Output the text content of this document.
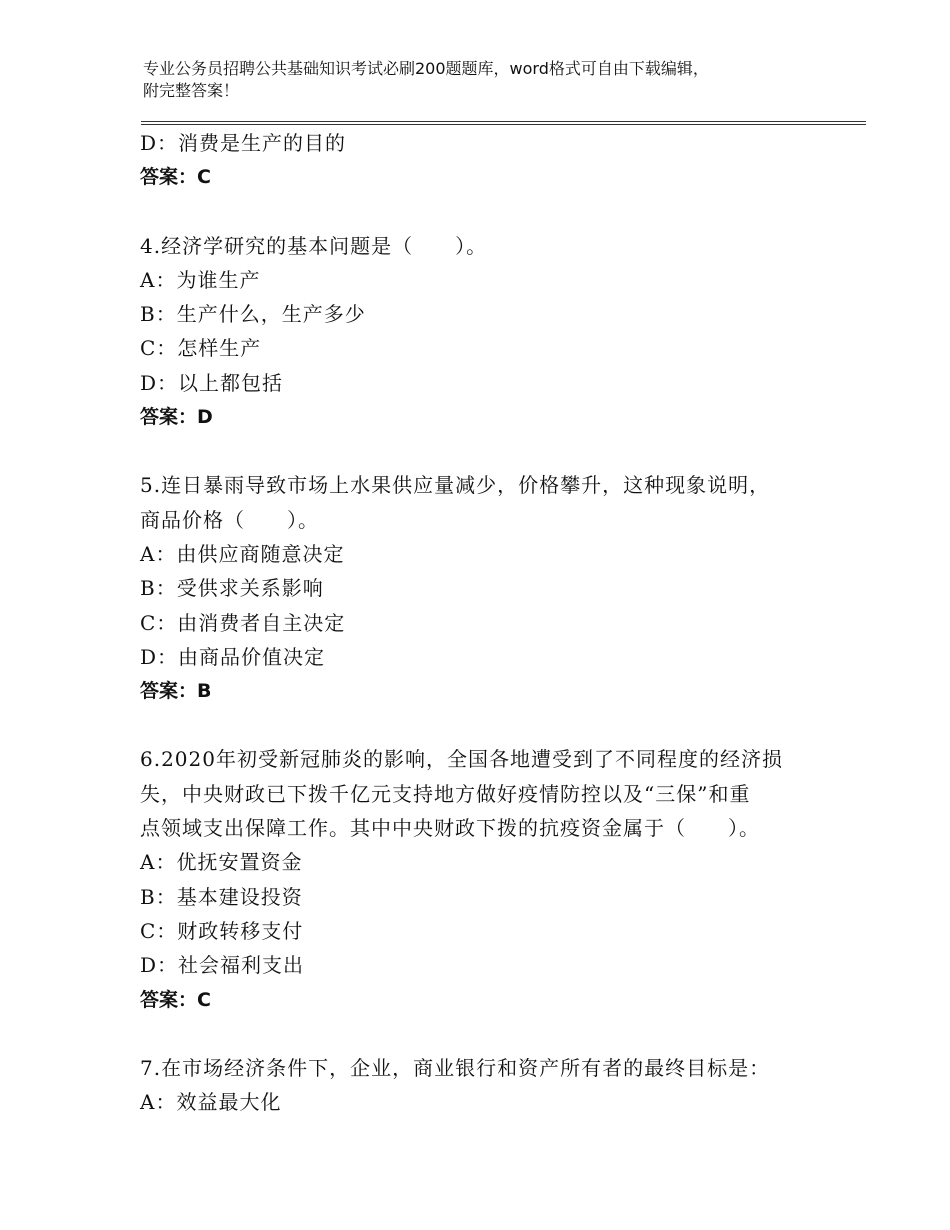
专业公务员招聘公共基础知识考试必刷200题题库，word格式可自由下载编辑，
附完整答案！
D：消费是生产的目的
答案：C
4.经济学研究的基本问题是（　　）。
A：为谁生产
B：生产什么，生产多少
C：怎样生产
D：以上都包括
答案：D
5.连日暴雨导致市场上水果供应量减少，价格攀升，这种现象说明，
商品价格（　　）。
A：由供应商随意决定
B：受供求关系影响
C：由消费者自主决定
D：由商品价值决定
答案：B
6.2020年初受新冠肺炎的影响，全国各地遭受到了不同程度的经济损
失，中央财政已下拨千亿元支持地方做好疫情防控以及“三保”和重
点领域支出保障工作。其中中央财政下拨的抗疫资金属于（　　）。
A：优抚安置资金
B：基本建设投资
C：财政转移支付
D：社会福利支出
答案：C
7.在市场经济条件下，企业，商业银行和资产所有者的最终目标是：
A：效益最大化
